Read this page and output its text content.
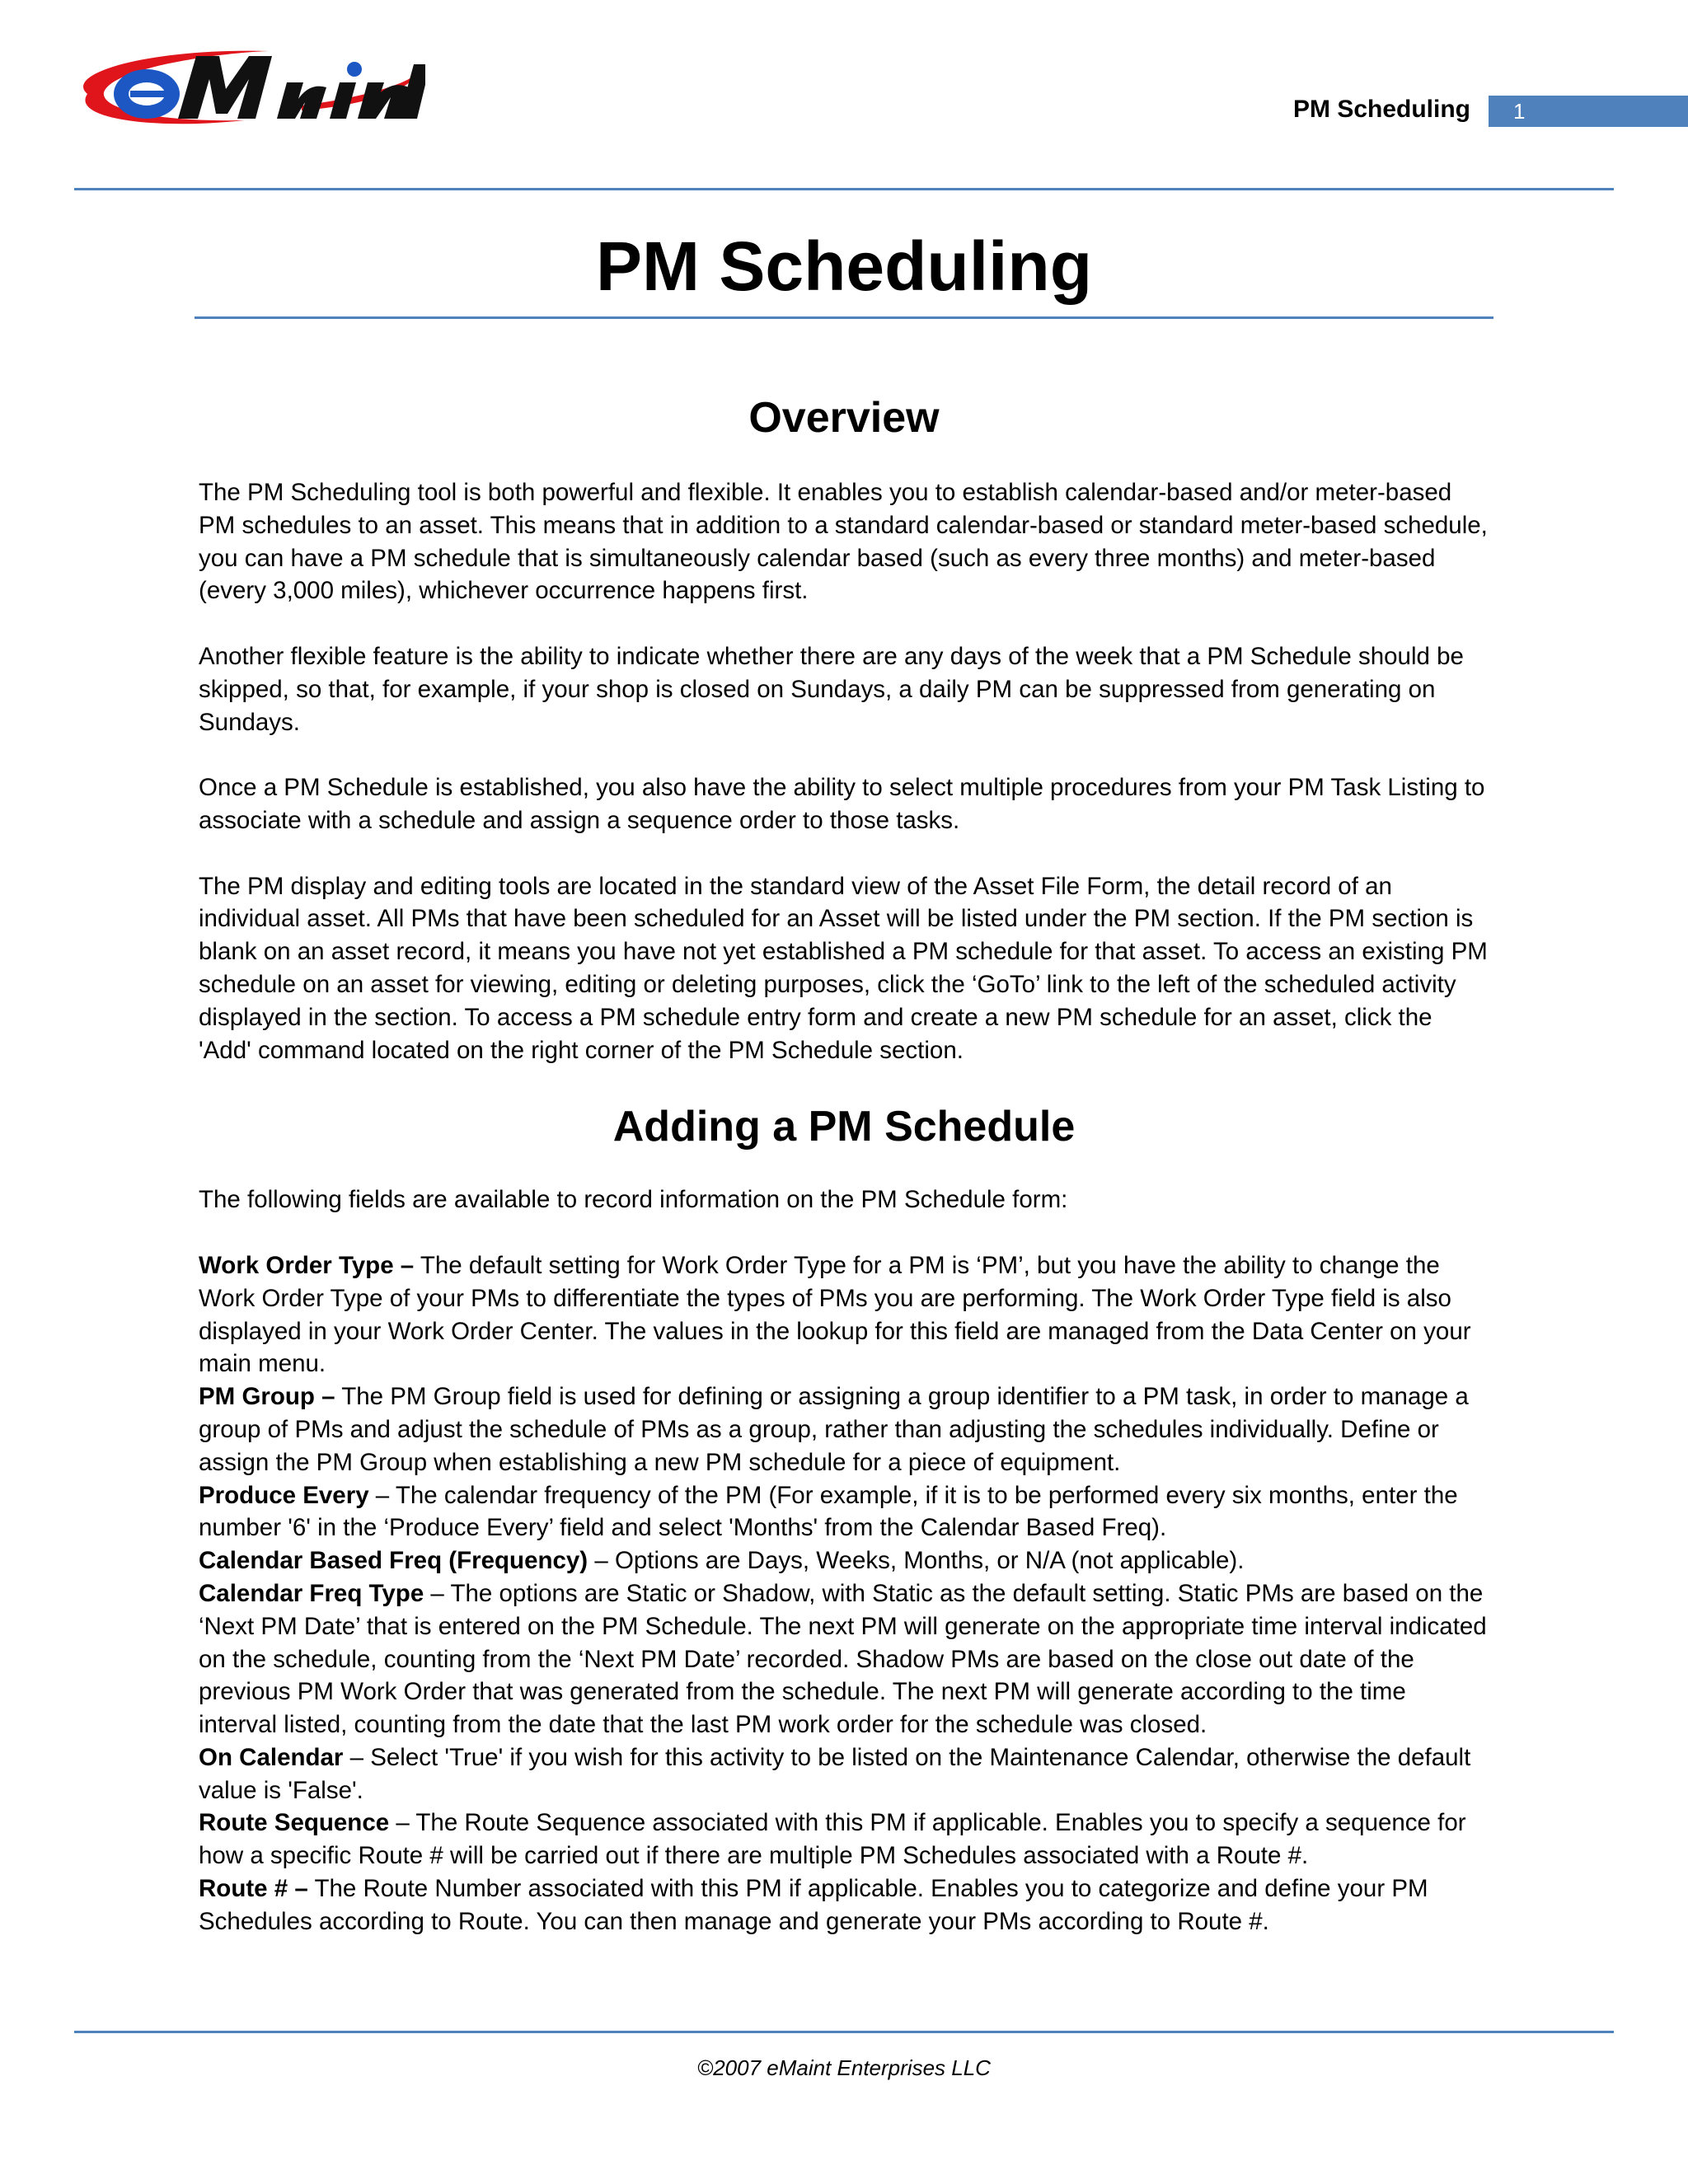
PM Scheduling	1
PM Scheduling
Overview

The PM Scheduling tool is both powerful and flexible. It enables you to establish calendar-based and/or meter-based PM schedules to an asset. This means that in addition to a standard calendar-based or standard meter-based schedule, you can have a PM schedule that is simultaneously calendar based (such as every three months) and meter-based (every 3,000 miles), whichever occurrence happens first.

Another flexible feature is the ability to indicate whether there are any days of the week that a PM Schedule should be skipped, so that, for example, if your shop is closed on Sundays, a daily PM can be suppressed from generating on Sundays.

Once a PM Schedule is established, you also have the ability to select multiple procedures from your PM Task Listing to associate with a schedule and assign a sequence order to those tasks.

The PM display and editing tools are located in the standard view of the Asset File Form, the detail record of an individual asset. All PMs that have been scheduled for an Asset will be listed under the PM section. If the PM section is blank on an asset record, it means you have not yet established a PM schedule for that asset. To access an existing PM schedule on an asset for viewing, editing or deleting purposes, click the ‘GoTo’ link to the left of the scheduled activity displayed in the section. To access a PM schedule entry form and create a new PM schedule for an asset, click the 'Add' command located on the right corner of the PM Schedule section.

Adding a PM Schedule

The following fields are available to record information on the PM Schedule form:

Work Order Type – The default setting for Work Order Type for a PM is ‘PM’, but you have the ability to change the Work Order Type of your PMs to differentiate the types of PMs you are performing. The Work Order Type field is also displayed in your Work Order Center. The values in the lookup for this field are managed from the Data Center on your main menu.

PM Group – The PM Group field is used for defining or assigning a group identifier to a PM task, in order to manage a group of PMs and adjust the schedule of PMs as a group, rather than adjusting the schedules individually. Define or assign the PM Group when establishing a new PM schedule for a piece of equipment.

Produce Every – The calendar frequency of the PM (For example, if it is to be performed every six months, enter the number '6' in the ‘Produce Every’ field and select 'Months' from the Calendar Based Freq).

Calendar Based Freq (Frequency) – Options are Days, Weeks, Months, or N/A (not applicable).

Calendar Freq Type – The options are Static or Shadow, with Static as the default setting. Static PMs are based on the ‘Next PM Date’ that is entered on the PM Schedule. The next PM will generate on the appropriate time interval indicated on the schedule, counting from the ‘Next PM Date’ recorded. Shadow PMs are based on the close out date of the previous PM Work Order that was generated from the schedule. The next PM will generate according to the time interval listed, counting from the date that the last PM work order for the schedule was closed.

On Calendar – Select 'True' if you wish for this activity to be listed on the Maintenance Calendar, otherwise the default value is 'False'.

Route Sequence – The Route Sequence associated with this PM if applicable. Enables you to specify a sequence for how a specific Route # will be carried out if there are multiple PM Schedules associated with a Route #.

Route # – The Route Number associated with this PM if applicable. Enables you to categorize and define your PM Schedules according to Route. You can then manage and generate your PMs according to Route #.

©2007 eMaint Enterprises LLC
